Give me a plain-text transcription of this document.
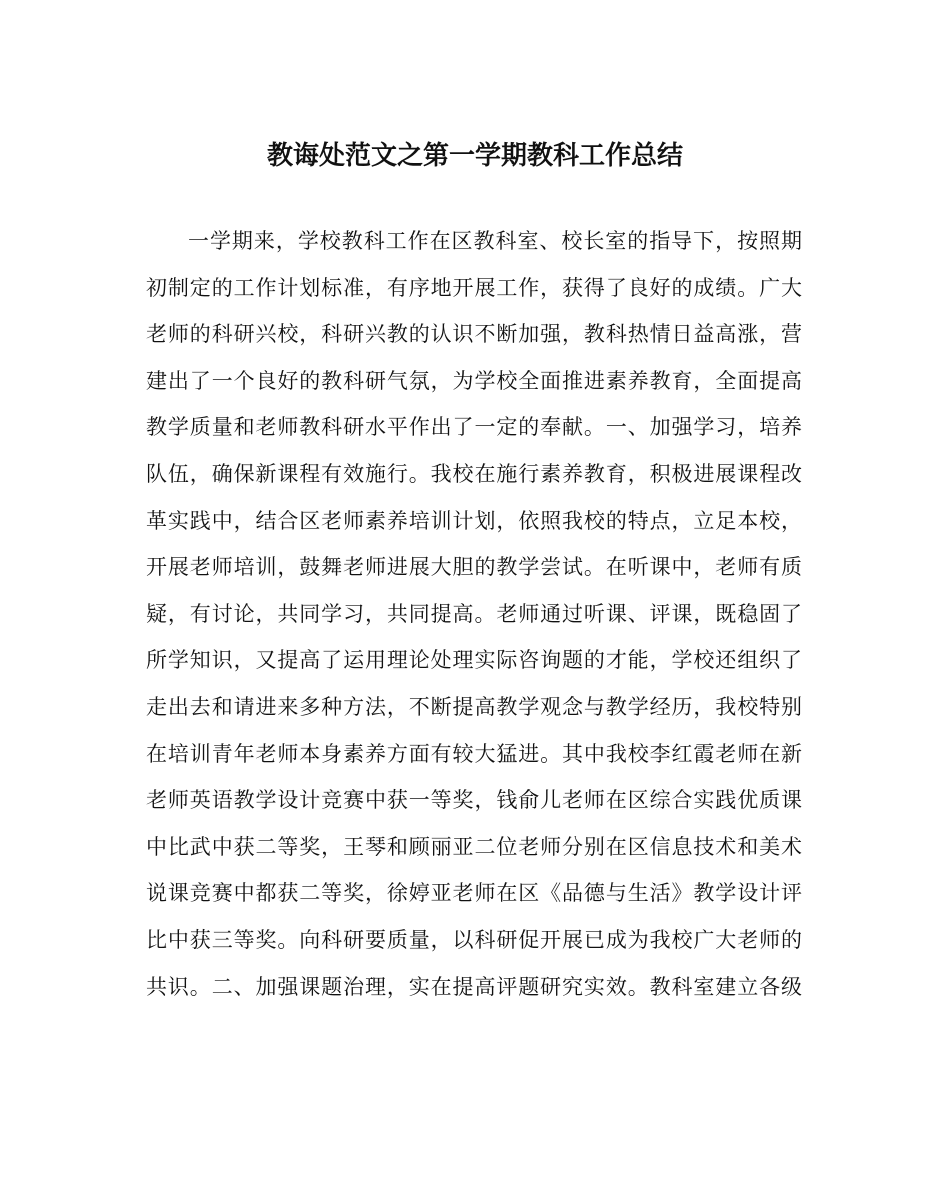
教诲处范文之第一学期教科工作总结
一学期来，学校教科工作在区教科室、校长室的指导下，按照期
初制定的工作计划标准，有序地开展工作，获得了良好的成绩。广大
老师的科研兴校，科研兴教的认识不断加强，教科热情日益高涨，营
建出了一个良好的教科研气氛，为学校全面推进素养教育，全面提高
教学质量和老师教科研水平作出了一定的奉献。一、加强学习，培养
队伍，确保新课程有效施行。我校在施行素养教育，积极进展课程改
革实践中，结合区老师素养培训计划，依照我校的特点，立足本校，
开展老师培训，鼓舞老师进展大胆的教学尝试。在听课中，老师有质
疑，有讨论，共同学习，共同提高。老师通过听课、评课，既稳固了
所学知识，又提高了运用理论处理实际咨询题的才能，学校还组织了
走出去和请进来多种方法，不断提高教学观念与教学经历，我校特别
在培训青年老师本身素养方面有较大猛进。其中我校李红霞老师在新
老师英语教学设计竞赛中获一等奖，钱俞儿老师在区综合实践优质课
中比武中获二等奖，王琴和顾丽亚二位老师分别在区信息技术和美术
说课竞赛中都获二等奖，徐婷亚老师在区《品德与生活》教学设计评
比中获三等奖。向科研要质量，以科研促开展已成为我校广大老师的
共识。二、加强课题治理，实在提高评题研究实效。教科室建立各级
